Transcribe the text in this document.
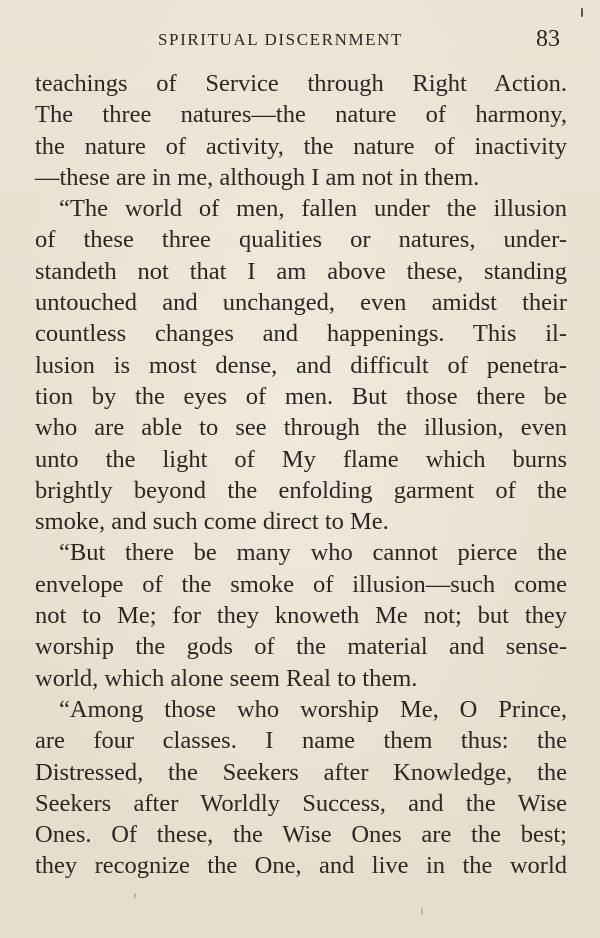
SPIRITUAL DISCERNMENT	83
teachings of Service through Right Action.
The three natures—the nature of harmony,
the nature of activity, the nature of inactivity
—these are in me, although I am not in them.
“The world of men, fallen under the illusion
of these three qualities or natures, under-
standeth not that I am above these, standing
untouched and unchanged, even amidst their
countless changes and happenings. This il-
lusion is most dense, and difficult of penetra-
tion by the eyes of men. But those there be
who are able to see through the illusion, even
unto the light of My flame which burns
brightly beyond the enfolding garment of the
smoke, and such come direct to Me.
“But there be many who cannot pierce the
envelope of the smoke of illusion—such come
not to Me; for they knoweth Me not; but they
worship the gods of the material and sense-
world, which alone seem Real to them.
“Among those who worship Me, O Prince,
are four classes. I name them thus: the
Distressed, the Seekers after Knowledge, the
Seekers after Worldly Success, and the Wise
Ones. Of these, the Wise Ones are the best;
they recognize the One, and live in the world
